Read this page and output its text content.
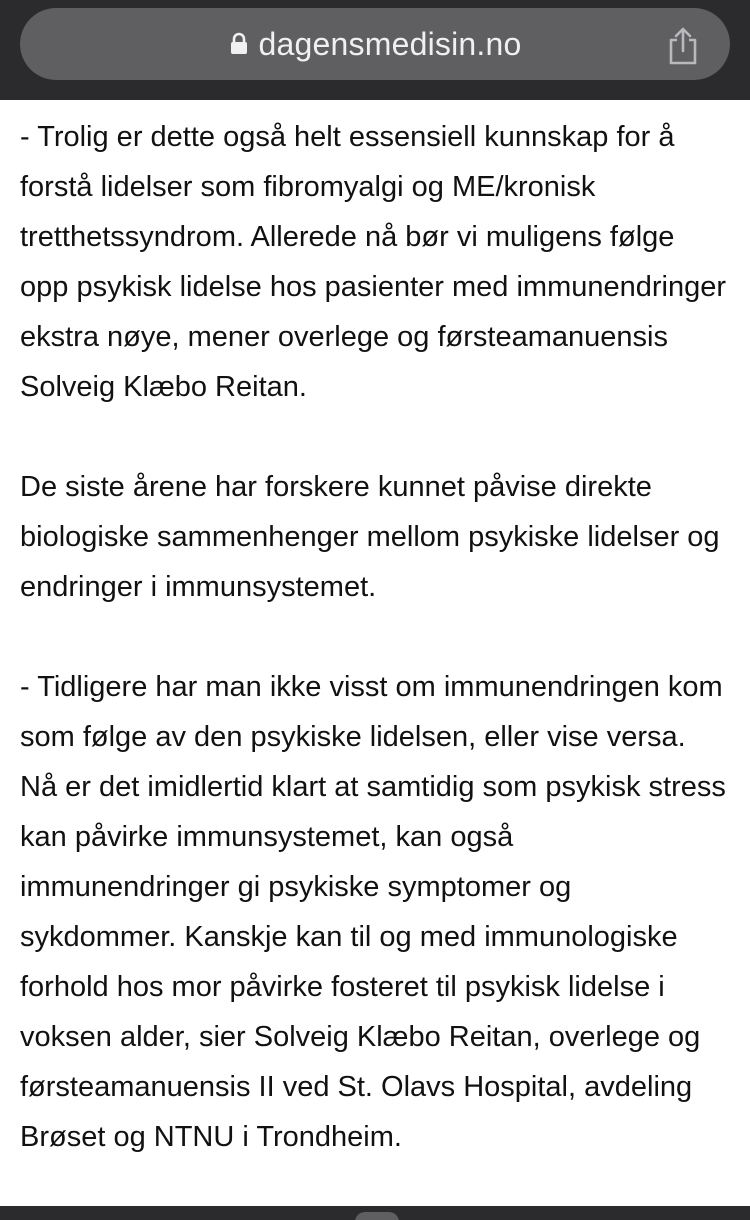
dagensmedisin.no

- Trolig er dette også helt essensiell kunnskap for å forstå lidelser som fibromyalgi og ME/kronisk tretthetssyndrom. Allerede nå bør vi muligens følge opp psykisk lidelse hos pasienter med immunendringer ekstra nøye, mener overlege og førsteamanuensis Solveig Klæbo Reitan.

De siste årene har forskere kunnet påvise direkte biologiske sammenhenger mellom psykiske lidelser og endringer i immunsystemet.

- Tidligere har man ikke visst om immunendringen kom som følge av den psykiske lidelsen, eller vise versa. Nå er det imidlertid klart at samtidig som psykisk stress kan påvirke immunsystemet, kan også immunendringer gi psykiske symptomer og sykdommer. Kanskje kan til og med immunologiske forhold hos mor påvirke fosteret til psykisk lidelse i voksen alder, sier Solveig Klæbo Reitan, overlege og førsteamanuensis II ved St. Olavs Hospital, avdeling Brøset og NTNU i Trondheim.
